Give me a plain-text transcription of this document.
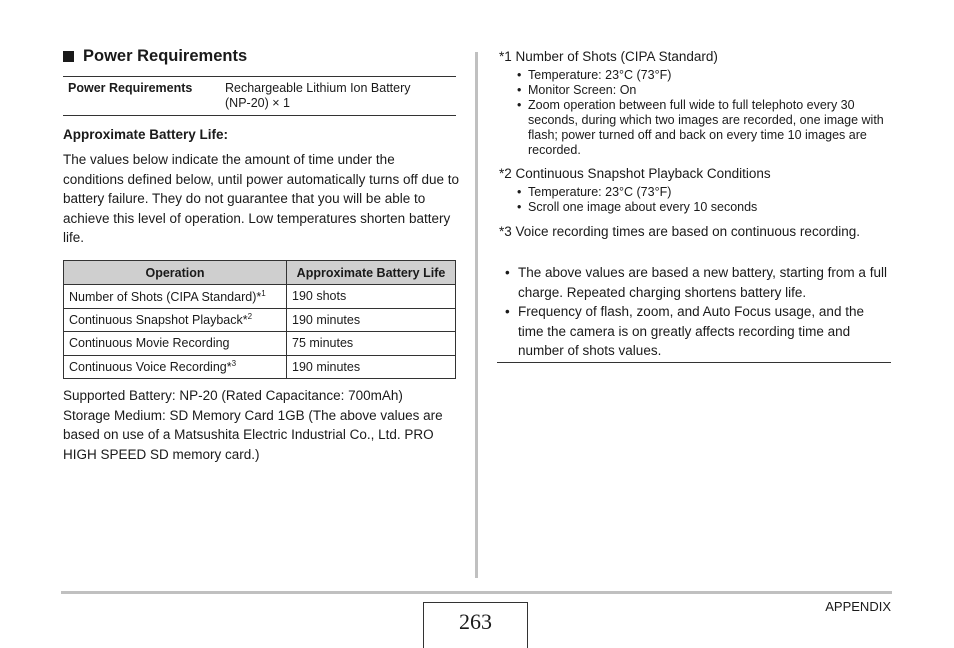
Power Requirements
Power Requirements	Rechargeable Lithium Ion Battery
(NP-20) × 1
Approximate Battery Life:
The values below indicate the amount of time under the conditions defined below, until power automatically turns off due to battery failure. They do not guarantee that you will be able to achieve this level of operation. Low temperatures shorten battery life.
Operation	Approximate Battery Life
Number of Shots (CIPA Standard)*$^1$	190 shots
Continuous Snapshot Playback*$^2$	190 minutes
Continuous Movie Recording	75 minutes
Continuous Voice Recording*$^3$	190 minutes
Supported Battery: NP-20 (Rated Capacitance: 700mAh)
Storage Medium: SD Memory Card 1GB (The above values are based on use of a Matsushita Electric Industrial Co., Ltd. PRO HIGH SPEED SD memory card.)
*1 Number of Shots (CIPA Standard)
• Temperature: 23°C (73°F)
• Monitor Screen: On
• Zoom operation between full wide to full telephoto every 30 seconds, during which two images are recorded, one image with flash; power turned off and back on every time 10 images are recorded.
*2 Continuous Snapshot Playback Conditions
• Temperature: 23°C (73°F)
• Scroll one image about every 10 seconds
*3 Voice recording times are based on continuous recording.
• The above values are based a new battery, starting from a full charge. Repeated charging shortens battery life.
• Frequency of flash, zoom, and Auto Focus usage, and the time the camera is on greatly affects recording time and number of shots values.
263
APPENDIX
